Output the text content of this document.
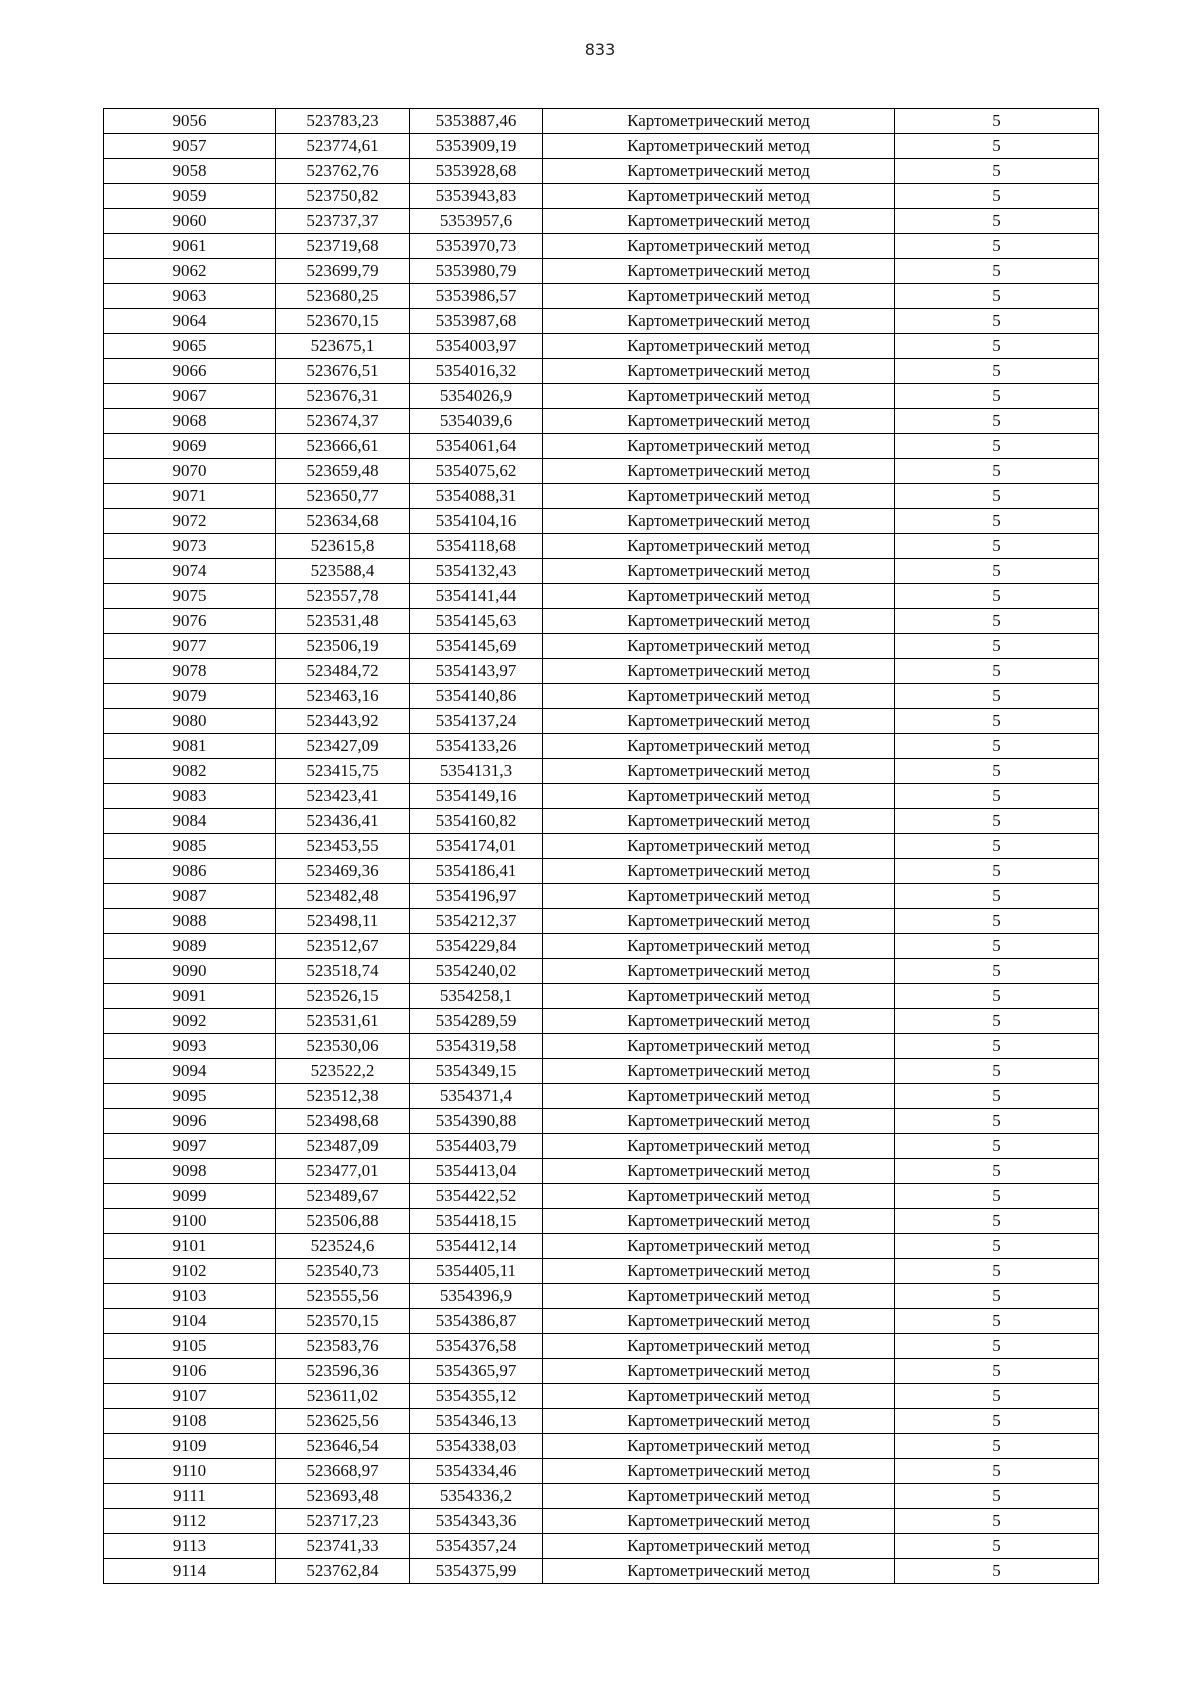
833
9056	523783,23	5353887,46	Картометрический метод	5
9057	523774,61	5353909,19	Картометрический метод	5
9058	523762,76	5353928,68	Картометрический метод	5
9059	523750,82	5353943,83	Картометрический метод	5
9060	523737,37	5353957,6	Картометрический метод	5
9061	523719,68	5353970,73	Картометрический метод	5
9062	523699,79	5353980,79	Картометрический метод	5
9063	523680,25	5353986,57	Картометрический метод	5
9064	523670,15	5353987,68	Картометрический метод	5
9065	523675,1	5354003,97	Картометрический метод	5
9066	523676,51	5354016,32	Картометрический метод	5
9067	523676,31	5354026,9	Картометрический метод	5
9068	523674,37	5354039,6	Картометрический метод	5
9069	523666,61	5354061,64	Картометрический метод	5
9070	523659,48	5354075,62	Картометрический метод	5
9071	523650,77	5354088,31	Картометрический метод	5
9072	523634,68	5354104,16	Картометрический метод	5
9073	523615,8	5354118,68	Картометрический метод	5
9074	523588,4	5354132,43	Картометрический метод	5
9075	523557,78	5354141,44	Картометрический метод	5
9076	523531,48	5354145,63	Картометрический метод	5
9077	523506,19	5354145,69	Картометрический метод	5
9078	523484,72	5354143,97	Картометрический метод	5
9079	523463,16	5354140,86	Картометрический метод	5
9080	523443,92	5354137,24	Картометрический метод	5
9081	523427,09	5354133,26	Картометрический метод	5
9082	523415,75	5354131,3	Картометрический метод	5
9083	523423,41	5354149,16	Картометрический метод	5
9084	523436,41	5354160,82	Картометрический метод	5
9085	523453,55	5354174,01	Картометрический метод	5
9086	523469,36	5354186,41	Картометрический метод	5
9087	523482,48	5354196,97	Картометрический метод	5
9088	523498,11	5354212,37	Картометрический метод	5
9089	523512,67	5354229,84	Картометрический метод	5
9090	523518,74	5354240,02	Картометрический метод	5
9091	523526,15	5354258,1	Картометрический метод	5
9092	523531,61	5354289,59	Картометрический метод	5
9093	523530,06	5354319,58	Картометрический метод	5
9094	523522,2	5354349,15	Картометрический метод	5
9095	523512,38	5354371,4	Картометрический метод	5
9096	523498,68	5354390,88	Картометрический метод	5
9097	523487,09	5354403,79	Картометрический метод	5
9098	523477,01	5354413,04	Картометрический метод	5
9099	523489,67	5354422,52	Картометрический метод	5
9100	523506,88	5354418,15	Картометрический метод	5
9101	523524,6	5354412,14	Картометрический метод	5
9102	523540,73	5354405,11	Картометрический метод	5
9103	523555,56	5354396,9	Картометрический метод	5
9104	523570,15	5354386,87	Картометрический метод	5
9105	523583,76	5354376,58	Картометрический метод	5
9106	523596,36	5354365,97	Картометрический метод	5
9107	523611,02	5354355,12	Картометрический метод	5
9108	523625,56	5354346,13	Картометрический метод	5
9109	523646,54	5354338,03	Картометрический метод	5
9110	523668,97	5354334,46	Картометрический метод	5
9111	523693,48	5354336,2	Картометрический метод	5
9112	523717,23	5354343,36	Картометрический метод	5
9113	523741,33	5354357,24	Картометрический метод	5
9114	523762,84	5354375,99	Картометрический метод	5
